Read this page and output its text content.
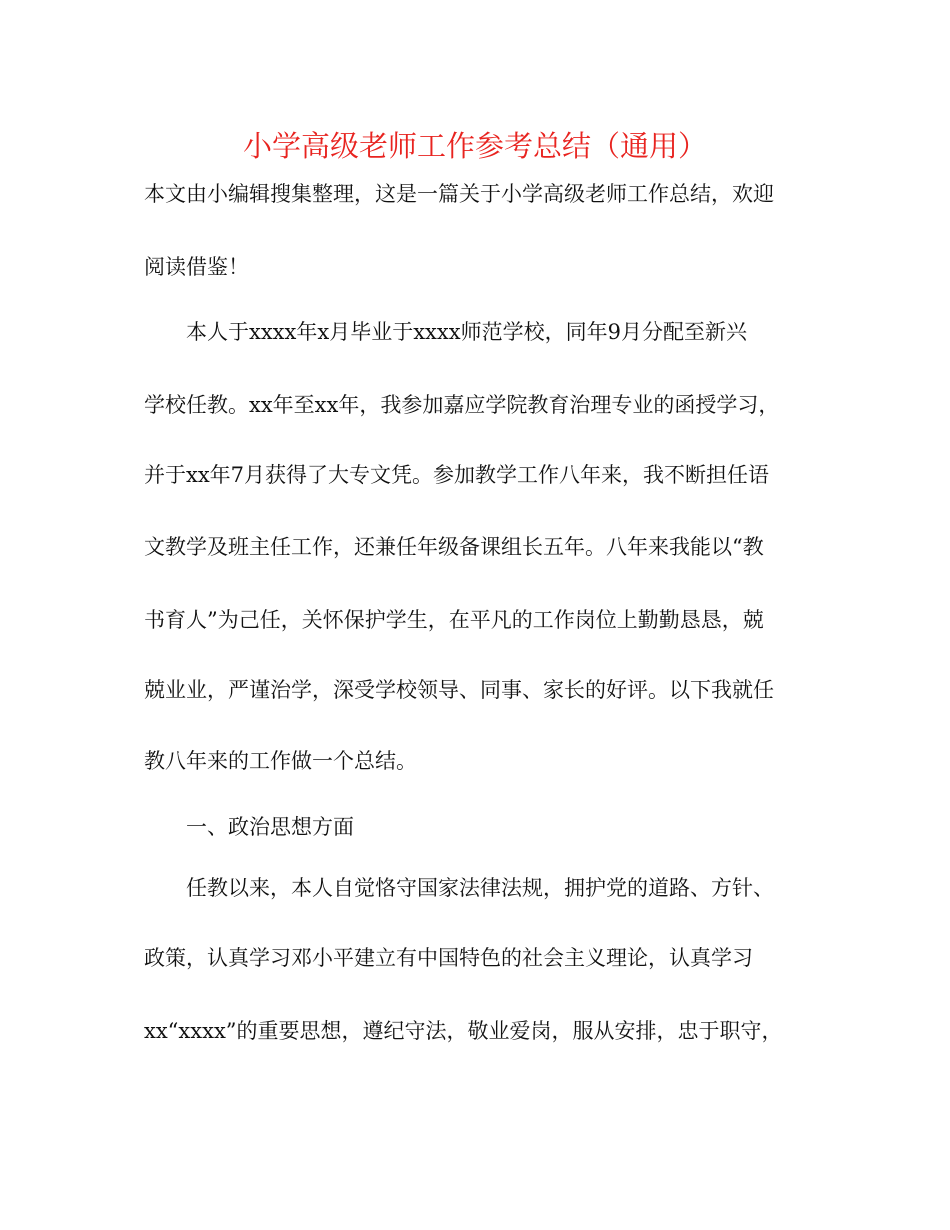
小学高级老师工作参考总结（通用）

本文由小编辑搜集整理，这是一篇关于小学高级老师工作总结，欢迎

阅读借鉴！

本人于xxxx年x月毕业于xxxx师范学校，同年9月分配至新兴

学校任教。xx年至xx年，我参加嘉应学院教育治理专业的函授学习，

并于xx年7月获得了大专文凭。参加教学工作八年来，我不断担任语

文教学及班主任工作，还兼任年级备课组长五年。八年来我能以“教

书育人”为己任，关怀保护学生，在平凡的工作岗位上勤勤恳恳，兢

兢业业，严谨治学，深受学校领导、同事、家长的好评。以下我就任

教八年来的工作做一个总结。

一、政治思想方面

任教以来，本人自觉恪守国家法律法规，拥护党的道路、方针、

政策，认真学习邓小平建立有中国特色的社会主义理论，认真学习

xx“xxxx”的重要思想，遵纪守法，敬业爱岗，服从安排，忠于职守，
